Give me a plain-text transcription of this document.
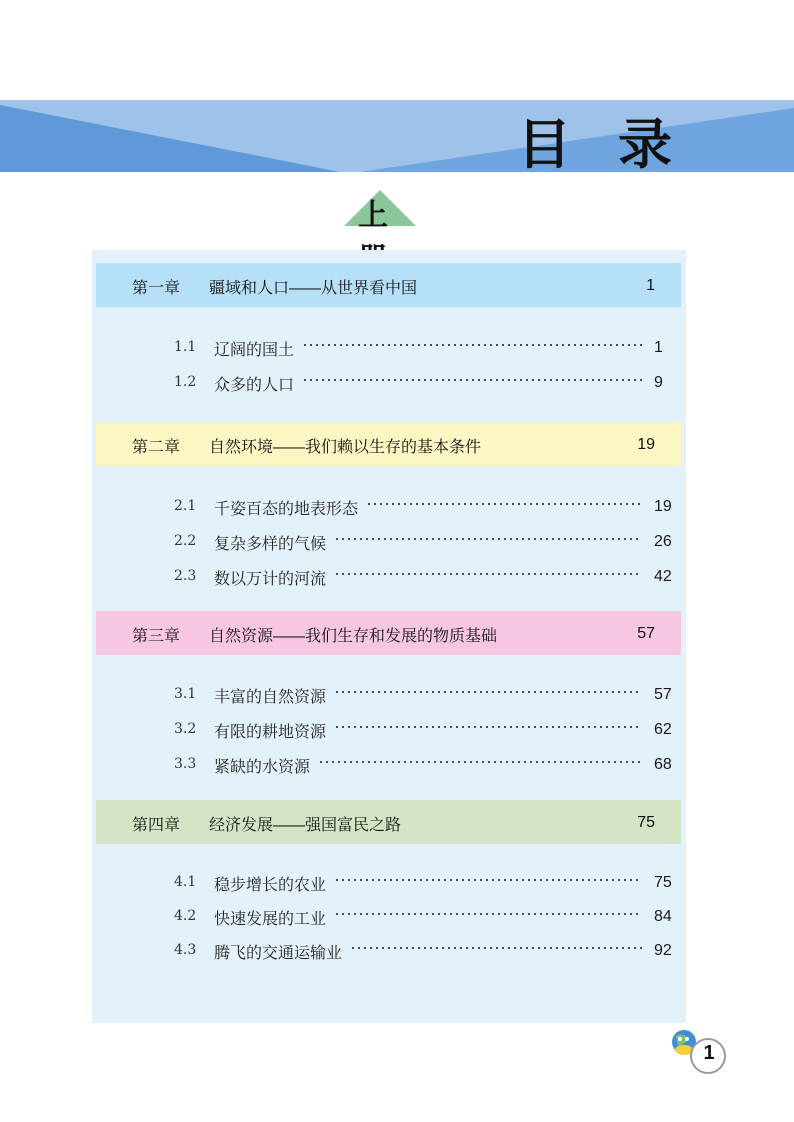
目 录
上
第一章 疆域和人口——从世界看中国	1
1.1 辽阔的国土	1
1.2 众多的人口	9
第二章 自然环境——我们赖以生存的基本条件	19
2.1 千姿百态的地表形态	19
2.2 复杂多样的气候	26
2.3 数以万计的河流	42
第三章 自然资源——我们生存和发展的物质基础	57
3.1 丰富的自然资源	57
3.2 有限的耕地资源	62
3.3 紧缺的水资源	68
第四章 经济发展——强国富民之路	75
4.1 稳步增长的农业	75
4.2 快速发展的工业	84
4.3 腾飞的交通运输业	92
1
